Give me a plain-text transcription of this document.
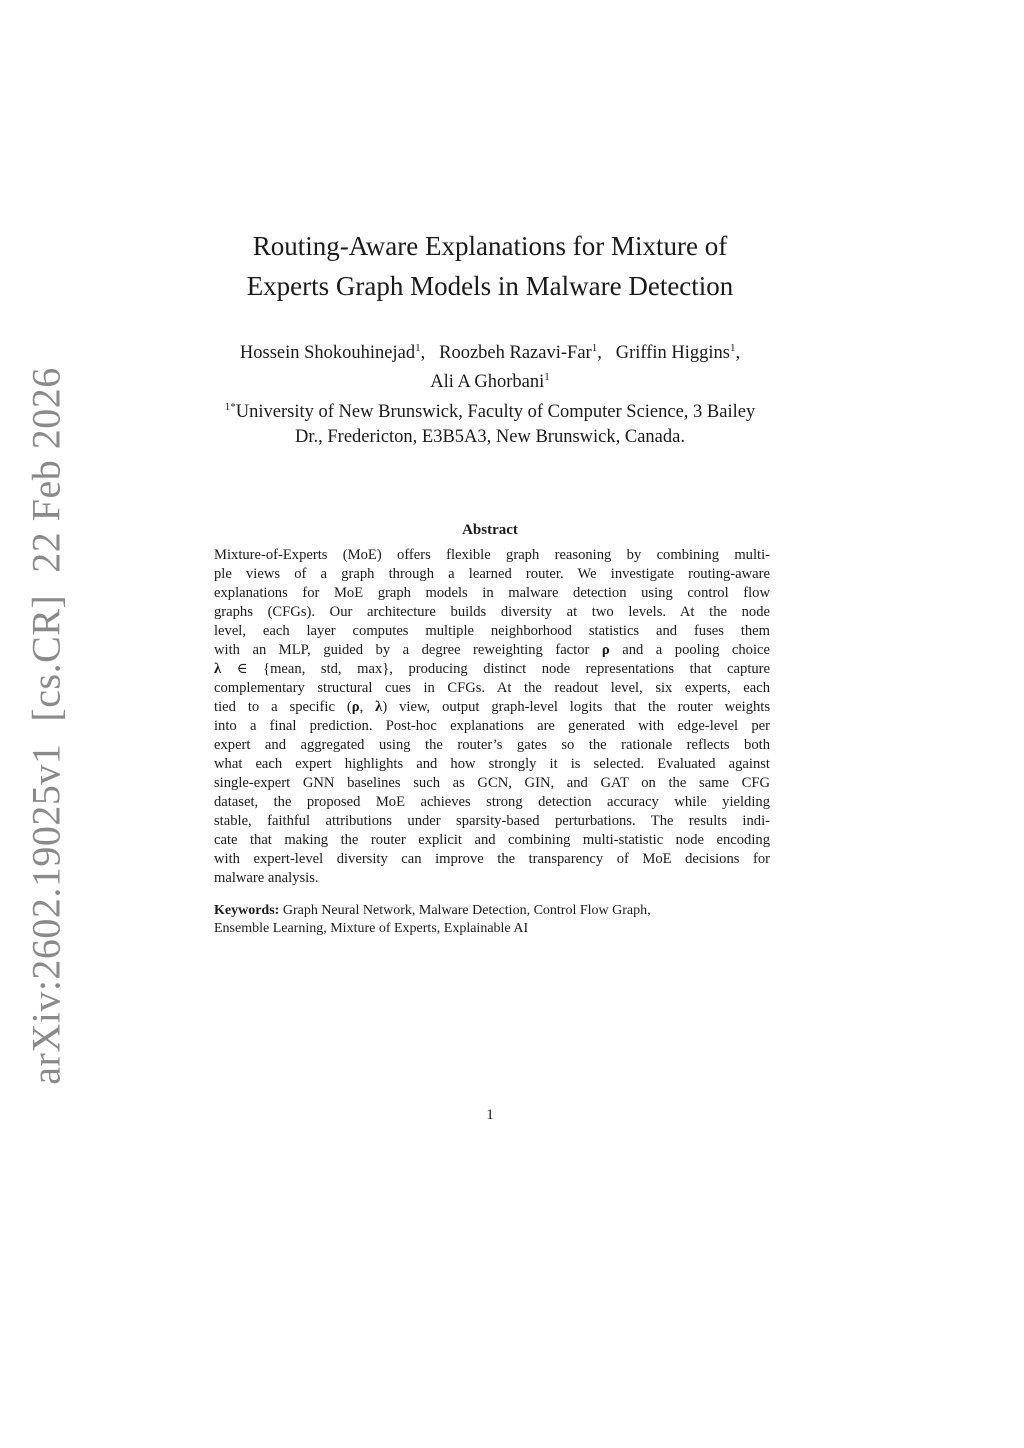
arXiv:2602.19025v1[cs.CR]22 Feb 2026
Routing-Aware Explanations for Mixture of
Experts Graph Models in Malware Detection
Hossein Shokouhinejad$^1$, Roozbeh Razavi-Far$^1$, Griffin Higgins$^1$,
Ali A Ghorbani$^1$
$^{1*}$University of New Brunswick, Faculty of Computer Science, 3 Bailey
Dr., Fredericton, E3B5A3, New Brunswick, Canada.
Abstract
Mixture-of-Experts (MoE) offers flexible graph reasoning by combining multi-
ple views of a graph through a learned router. We investigate routing-aware
explanations for MoE graph models in malware detection using control flow
graphs (CFGs). Our architecture builds diversity at two levels. At the node
level, each layer computes multiple neighborhood statistics and fuses them
with an MLP, guided by a degree reweighting factor ρ and a pooling choice
λ ∈ {mean, std, max}, producing distinct node representations that capture
complementary structural cues in CFGs. At the readout level, six experts, each
tied to a specific (ρ, λ) view, output graph-level logits that the router weights
into a final prediction. Post-hoc explanations are generated with edge-level per
expert and aggregated using the router’s gates so the rationale reflects both
what each expert highlights and how strongly it is selected. Evaluated against
single-expert GNN baselines such as GCN, GIN, and GAT on the same CFG
dataset, the proposed MoE achieves strong detection accuracy while yielding
stable, faithful attributions under sparsity-based perturbations. The results indi-
cate that making the router explicit and combining multi-statistic node encoding
with expert-level diversity can improve the transparency of MoE decisions for
malware analysis.
Keywords: Graph Neural Network, Malware Detection, Control Flow Graph,
Ensemble Learning, Mixture of Experts, Explainable AI
1
